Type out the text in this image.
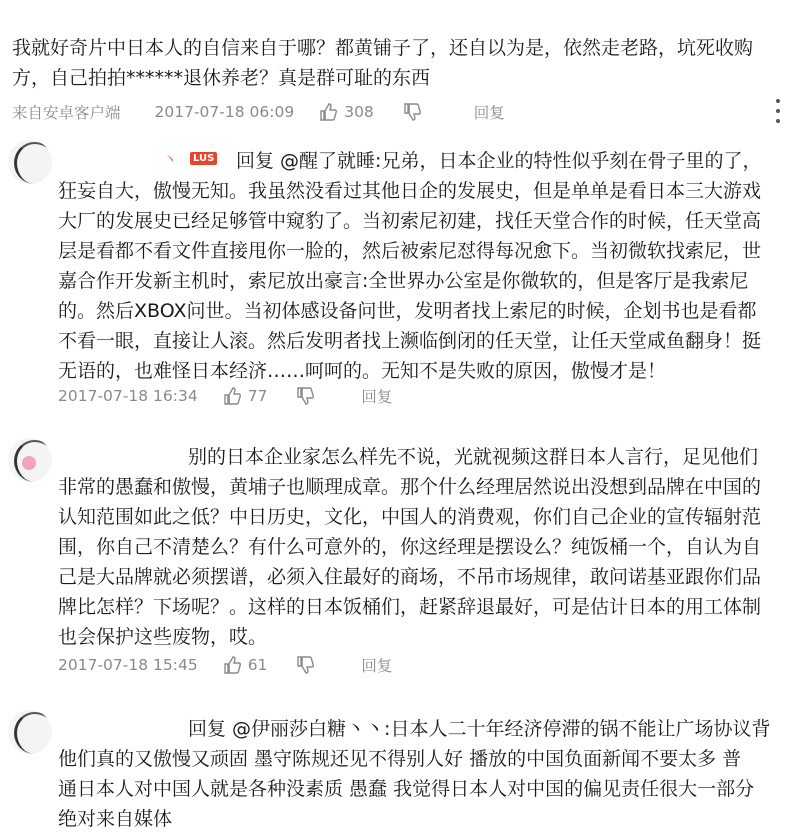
我就好奇片中日本人的自信来自于哪？都黄铺子了，还自以为是，依然走老路，坑死收购
方，自己拍拍******退休养老？真是群可耻的东西
来自安卓客户端 2017-07-18 06:09	308	回复
丶	LUS	回复 @醒了就睡:兄弟，日本企业的特性似乎刻在骨子里的了，
狂妄自大，傲慢无知。我虽然没看过其他日企的发展史，但是单单是看日本三大游戏
大厂的发展史已经足够管中窥豹了。当初索尼初建，找任天堂合作的时候，任天堂高
层是看都不看文件直接甩你一脸的，然后被索尼怼得每况愈下。当初微软找索尼，世
嘉合作开发新主机时，索尼放出豪言:全世界办公室是你微软的，但是客厅是我索尼
的。然后XBOX问世。当初体感设备问世，发明者找上索尼的时候，企划书也是看都
不看一眼，直接让人滚。然后发明者找上濒临倒闭的任天堂，让任天堂咸鱼翻身！挺
无语的，也难怪日本经济……呵呵的。无知不是失败的原因，傲慢才是！
2017-07-18 16:34	77	回复
别的日本企业家怎么样先不说，光就视频这群日本人言行，足见他们
非常的愚蠢和傲慢，黄埔子也顺理成章。那个什么经理居然说出没想到品牌在中国的
认知范围如此之低？中日历史，文化，中国人的消费观，你们自己企业的宣传辐射范
围，你自己不清楚么？有什么可意外的，你这经理是摆设么？纯饭桶一个，自认为自
己是大品牌就必须摆谱，必须入住最好的商场，不吊市场规律，敢问诺基亚跟你们品
牌比怎样？下场呢？。这样的日本饭桶们，赶紧辞退最好，可是估计日本的用工体制
也会保护这些废物，哎。
2017-07-18 15:45	61	回复
回复 @伊丽莎白糖丶丶:日本人二十年经济停滞的锅不能让广场协议背
他们真的又傲慢又顽固 墨守陈规还见不得别人好 播放的中国负面新闻不要太多 普
通日本人对中国人就是各种没素质 愚蠢 我觉得日本人对中国的偏见责任很大一部分
绝对来自媒体
